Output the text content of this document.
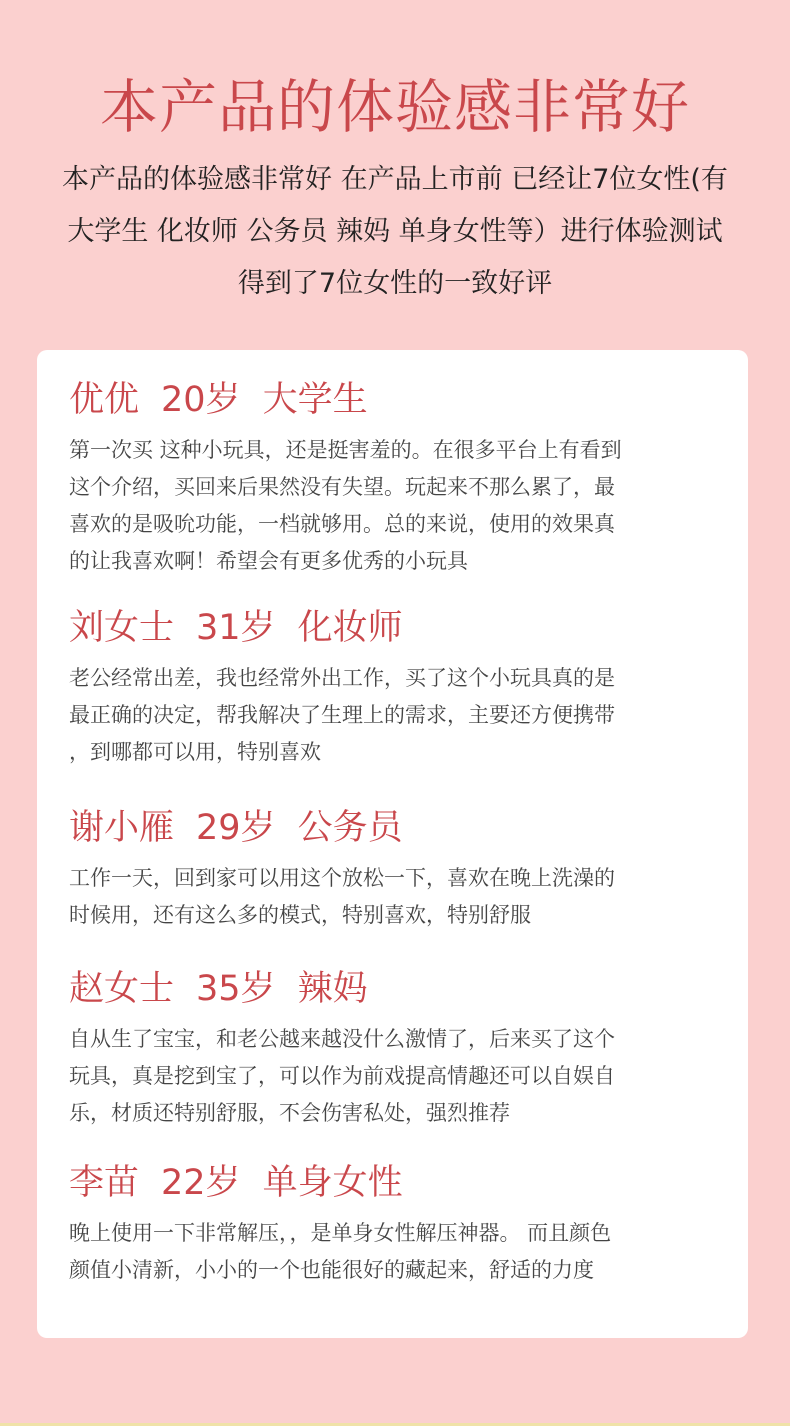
本产品的体验感非常好
本产品的体验感非常好 在产品上市前 已经让7位女性(有
大学生 化妆师 公务员 辣妈 单身女性等）进行体验测试
得到了7位女性的一致好评
优优 20岁 大学生
第一次买 这种小玩具，还是挺害羞的。在很多平台上有看到
这个介绍，买回来后果然没有失望。玩起来不那么累了，最
喜欢的是吸吮功能，一档就够用。总的来说，使用的效果真
的让我喜欢啊！希望会有更多优秀的小玩具
刘女士 31岁 化妆师
老公经常出差，我也经常外出工作，买了这个小玩具真的是
最正确的决定，帮我解决了生理上的需求，主要还方便携带
，到哪都可以用，特别喜欢
谢小雁 29岁 公务员
工作一天，回到家可以用这个放松一下，喜欢在晚上洗澡的
时候用，还有这么多的模式，特别喜欢，特别舒服
赵女士 35岁 辣妈
自从生了宝宝，和老公越来越没什么激情了，后来买了这个
玩具，真是挖到宝了，可以作为前戏提高情趣还可以自娱自
乐，材质还特别舒服，不会伤害私处，强烈推荐
李苗 22岁 单身女性
晚上使用一下非常解压，，是单身女性解压神器。 而且颜色
颜值小清新，小小的一个也能很好的藏起来，舒适的力度
